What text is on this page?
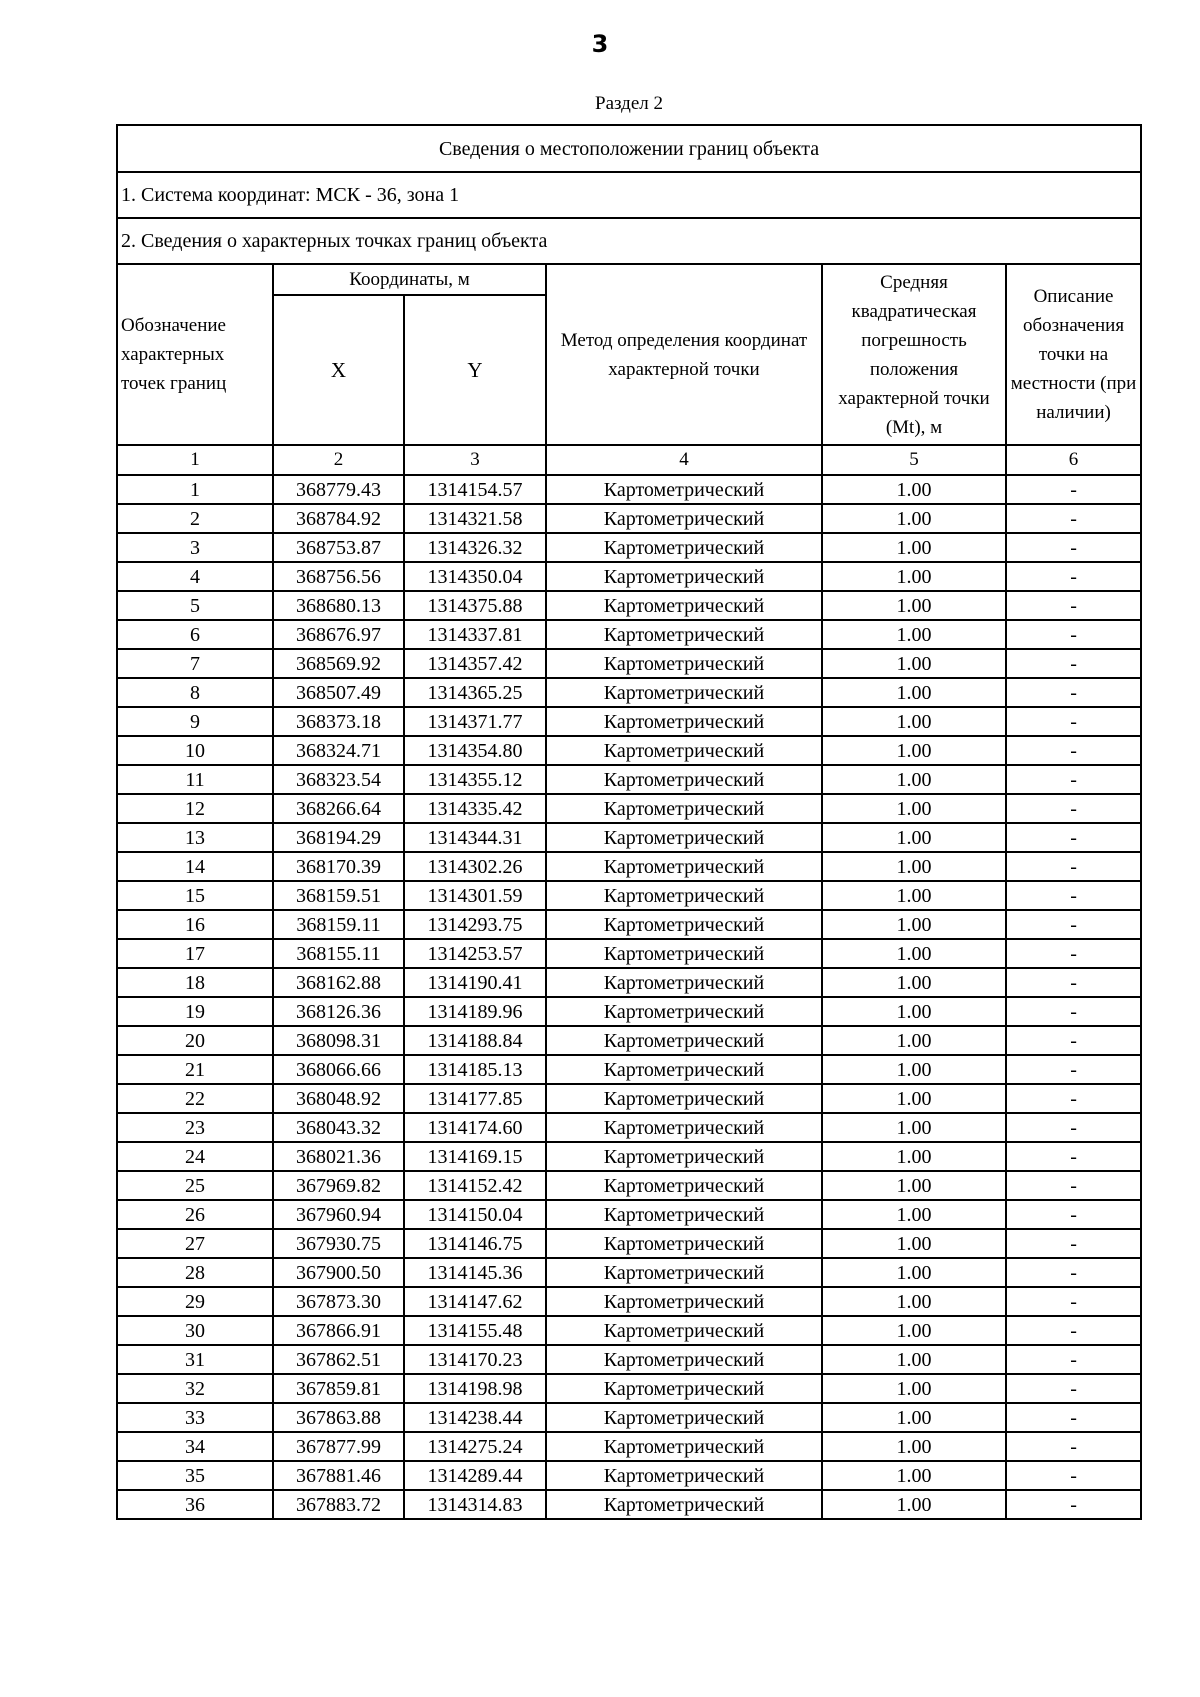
3
Раздел 2
Сведения о местоположении границ объекта					
1. Система координат: МСК - 36, зона 1					
2. Сведения о характерных точках границ объекта					
Обозначение характерных точек границ	Координаты, м		Метод определения координат характерной точки	Средняя квадратическая погрешность положения характерной точки (Mt), м	Описание обозначения точки на местности (при наличии)
	X	Y			
1	2	3	4	5	6
1	368779.43	1314154.57	Картометрический	1.00	-
2	368784.92	1314321.58	Картометрический	1.00	-
3	368753.87	1314326.32	Картометрический	1.00	-
4	368756.56	1314350.04	Картометрический	1.00	-
5	368680.13	1314375.88	Картометрический	1.00	-
6	368676.97	1314337.81	Картометрический	1.00	-
7	368569.92	1314357.42	Картометрический	1.00	-
8	368507.49	1314365.25	Картометрический	1.00	-
9	368373.18	1314371.77	Картометрический	1.00	-
10	368324.71	1314354.80	Картометрический	1.00	-
11	368323.54	1314355.12	Картометрический	1.00	-
12	368266.64	1314335.42	Картометрический	1.00	-
13	368194.29	1314344.31	Картометрический	1.00	-
14	368170.39	1314302.26	Картометрический	1.00	-
15	368159.51	1314301.59	Картометрический	1.00	-
16	368159.11	1314293.75	Картометрический	1.00	-
17	368155.11	1314253.57	Картометрический	1.00	-
18	368162.88	1314190.41	Картометрический	1.00	-
19	368126.36	1314189.96	Картометрический	1.00	-
20	368098.31	1314188.84	Картометрический	1.00	-
21	368066.66	1314185.13	Картометрический	1.00	-
22	368048.92	1314177.85	Картометрический	1.00	-
23	368043.32	1314174.60	Картометрический	1.00	-
24	368021.36	1314169.15	Картометрический	1.00	-
25	367969.82	1314152.42	Картометрический	1.00	-
26	367960.94	1314150.04	Картометрический	1.00	-
27	367930.75	1314146.75	Картометрический	1.00	-
28	367900.50	1314145.36	Картометрический	1.00	-
29	367873.30	1314147.62	Картометрический	1.00	-
30	367866.91	1314155.48	Картометрический	1.00	-
31	367862.51	1314170.23	Картометрический	1.00	-
32	367859.81	1314198.98	Картометрический	1.00	-
33	367863.88	1314238.44	Картометрический	1.00	-
34	367877.99	1314275.24	Картометрический	1.00	-
35	367881.46	1314289.44	Картометрический	1.00	-
36	367883.72	1314314.83	Картометрический	1.00	-
